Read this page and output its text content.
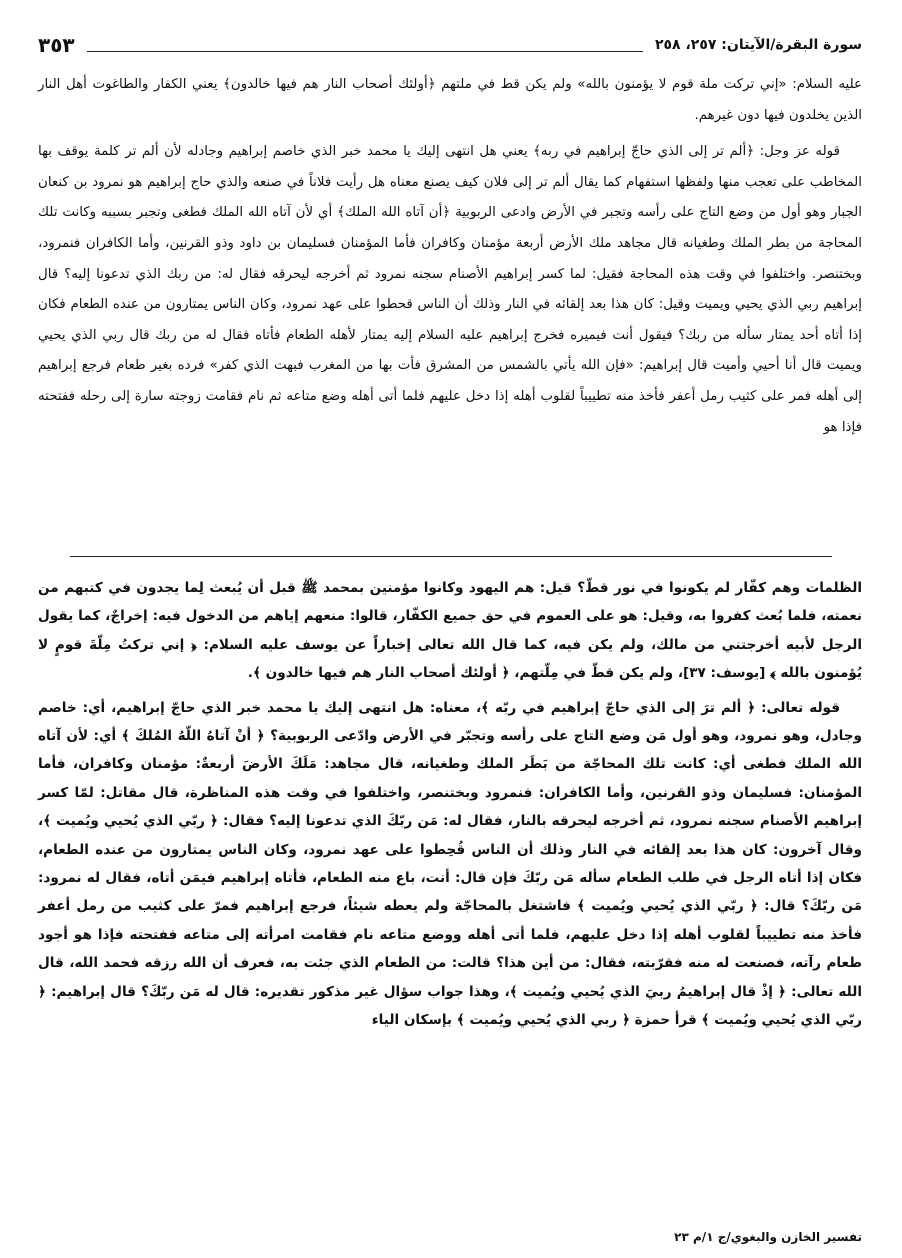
سورة البقرة/الآيتان: ٢٥٧، ٢٥٨
٣٥٣

عليه السلام: «إني تركت ملة قوم لا يؤمنون بالله» ولم يكن قط في ملتهم ﴿أولئك أصحاب النار هم فيها خالدون﴾ يعني الكفار والطاغوت أهل النار الذين يخلدون فيها دون غيرهم.

قوله عز وجل: ﴿ألم تر إلى الذي حاجّ إبراهيم في ربه﴾ يعني هل انتهى إليك يا محمد خبر الذي خاصم إبراهيم وجادله لأن ألم تر كلمة يوقف بها المخاطب على تعجب منها ولفظها استفهام كما يقال ألم تر إلى فلان كيف يصنع معناه هل رأيت فلاناً في صنعه والذي حاج إبراهيم هو نمرود بن كنعان الجبار وهو أول من وضع التاج على رأسه وتجبر في الأرض وادعى الربوبية ﴿أن آتاه الله الملك﴾ أي لأن آتاه الله الملك فطغى وتجبر بسببه وكانت تلك المحاجة من بطر الملك وطغيانه قال مجاهد ملك الأرض أربعة مؤمنان وكافران فأما المؤمنان فسليمان بن داود وذو القرنين، وأما الكافران فنمرود، وبختنصر. واختلفوا في وقت هذه المحاجة فقيل: لما كسر إبراهيم الأصنام سجنه نمرود ثم أخرجه ليحرقه فقال له: من ربك الذي تدعونا إليه؟ قال إبراهيم ربي الذي يحيي ويميت وقيل: كان هذا بعد إلقائه في النار وذلك أن الناس قحطوا على عهد نمرود، وكان الناس يمتارون من عنده الطعام فكان إذا أتاه أحد يمتار سأله من ربك؟ فيقول أنت فيميره فخرج إبراهيم عليه السلام إليه يمتار لأهله الطعام فأتاه فقال له من ربك قال ربي الذي يحيي ويميت قال أنا أحيي وأميت قال إبراهيم: «فإن الله يأتي بالشمس من المشرق فأت بها من المغرب فبهت الذي كفر» فرده بغير طعام فرجع إبراهيم إلى أهله فمر على كثيب رمل أعفر فأخذ منه تطييباً لقلوب أهله إذا دخل عليهم فلما أتى أهله وضع متاعه ثم نام فقامت زوجته سارة إلى رحله ففتحته فإذا هو

الظلمات وهم كفّار لم يكونوا في نور قطّ؟ قيل: هم اليهود وكانوا مؤمنين بمحمد ﷺ قبل أن يُبعث لِما يجدون في كتبهم من نعمته، فلما بُعث كفروا به، وقيل: هو على العموم في حق جميع الكفّار، قالوا: منعهم إياهم من الدخول فيه: إخراجٌ، كما يقول الرجل لأبيه أخرجتني من مالك، ولم يكن فيه، كما قال الله تعالى إخباراً عن يوسف عليه السلام: ﴿ إني تركتُ مِلّةَ قومٍ لا يُؤمنون بالله ﴾ [يوسف: ٣٧]، ولم يكن قطّ في مِلّتهم، ﴿ أولئك أصحاب النار هم فيها خالدون ﴾.

قوله تعالى: ﴿ ألم ترَ إلى الذي حاجّ إبراهيم في ربّه ﴾، معناه: هل انتهى إليك يا محمد خبر الذي حاجّ إبراهيم، أي: خاصم وجادل، وهو نمرود، وهو أول مَن وضع التاج على رأسه وتجبّر في الأرض وادّعى الربوبية؟ ﴿ أنْ آتاهُ اللّهُ المُلكَ ﴾ أي: لأن آتاه الله الملك فطغى أي: كانت تلك المحاجّة من بَطَر الملك وطغيانه، قال مجاهد: مَلَكَ الأرضَ أربعةٌ: مؤمنان وكافران، فأما المؤمنان: فسليمان وذو القرنين، وأما الكافران: فنمرود وبختنصر، واختلفوا في وقت هذه المناظرة، قال مقاتل: لمّا كسر إبراهيم الأصنام سجنه نمرود، ثم أخرجه ليحرقه بالنار، فقال له: مَن ربّكَ الذي تدعونا إليه؟ فقال: ﴿ ربّي الذي يُحيي ويُميت ﴾، وقال آخرون: كان هذا بعد إلقائه في النار وذلك أن الناس قُحِطوا على عهد نمرود، وكان الناس يمتارون من عنده الطعام، فكان إذا أتاه الرجل في طلب الطعام سأله مَن ربّكَ فإن قال: أنت، باع منه الطعام، فأتاه إبراهيم فيمَن أتاه، فقال له نمرود: مَن ربّكَ؟ قال: ﴿ ربّي الذي يُحيي ويُميت ﴾ فاشتغل بالمحاجّة ولم يعطه شيئاً، فرجع إبراهيم فمرّ على كثيب من رمل أعفر فأخذ منه تطييباً لقلوب أهله إذا دخل عليهم، فلما أتى أهله ووضع متاعه نام فقامت امرأته إلى متاعه ففتحته فإذا هو أجود طعام رآته، فصنعت له منه فقرّبته، فقال: من أين هذا؟ قالت: من الطعام الذي جئت به، فعرف أن الله رزقه فحمد الله، قال الله تعالى: ﴿ إذْ قال إبراهيمُ ربيَ الذي يُحيي ويُميت ﴾، وهذا جواب سؤال غير مذكور تقديره: قال له مَن ربّكَ؟ قال إبراهيم: ﴿ ربّي الذي يُحيي ويُميت ﴾ قرأ حمزة ﴿ ربي الذي يُحيي ويُميت ﴾ بإسكان الياء

تفسير الخازن والبغوي/ج ١/م ٢٣
